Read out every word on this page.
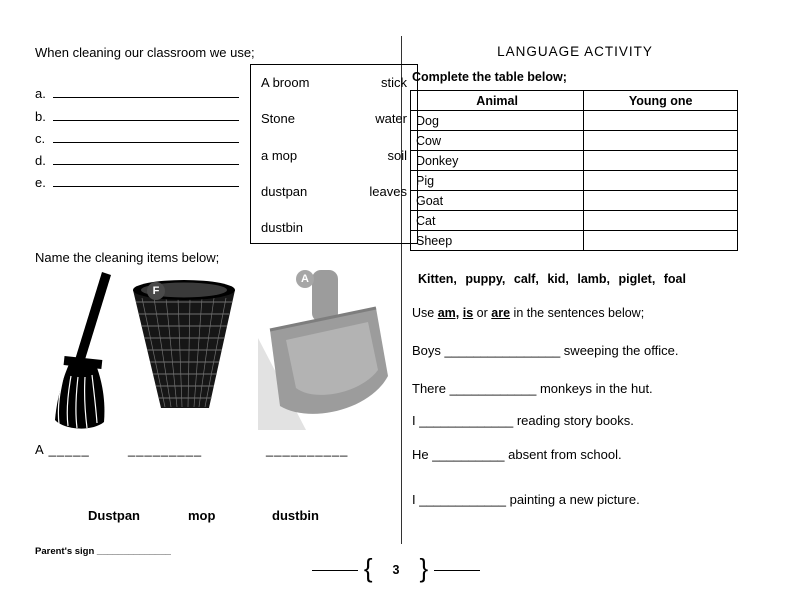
When cleaning our classroom we use;
a.
b.
c.
d.
e.
A broom	stick
Stone	water
a mop	soil
dustpan	leaves
dustbin
Name the cleaning items below;
F
A
A _____	_________	__________
Dustpan	mop	dustbin
Parent's sign ______________
LANGUAGE ACTIVITY
Complete the table below;
Animal	Young one
Dog	
Cow	
Donkey	
Pig	
Goat	
Cat	
Sheep	
Kitten, puppy, calf, kid, lamb, piglet, foal
Use am, is or are in the sentences below;
Boys ________________ sweeping the office.
There ____________ monkeys in the hut.
I _____________ reading story books.
He __________ absent from school.
I ____________ painting a new picture.
{ 3 }
